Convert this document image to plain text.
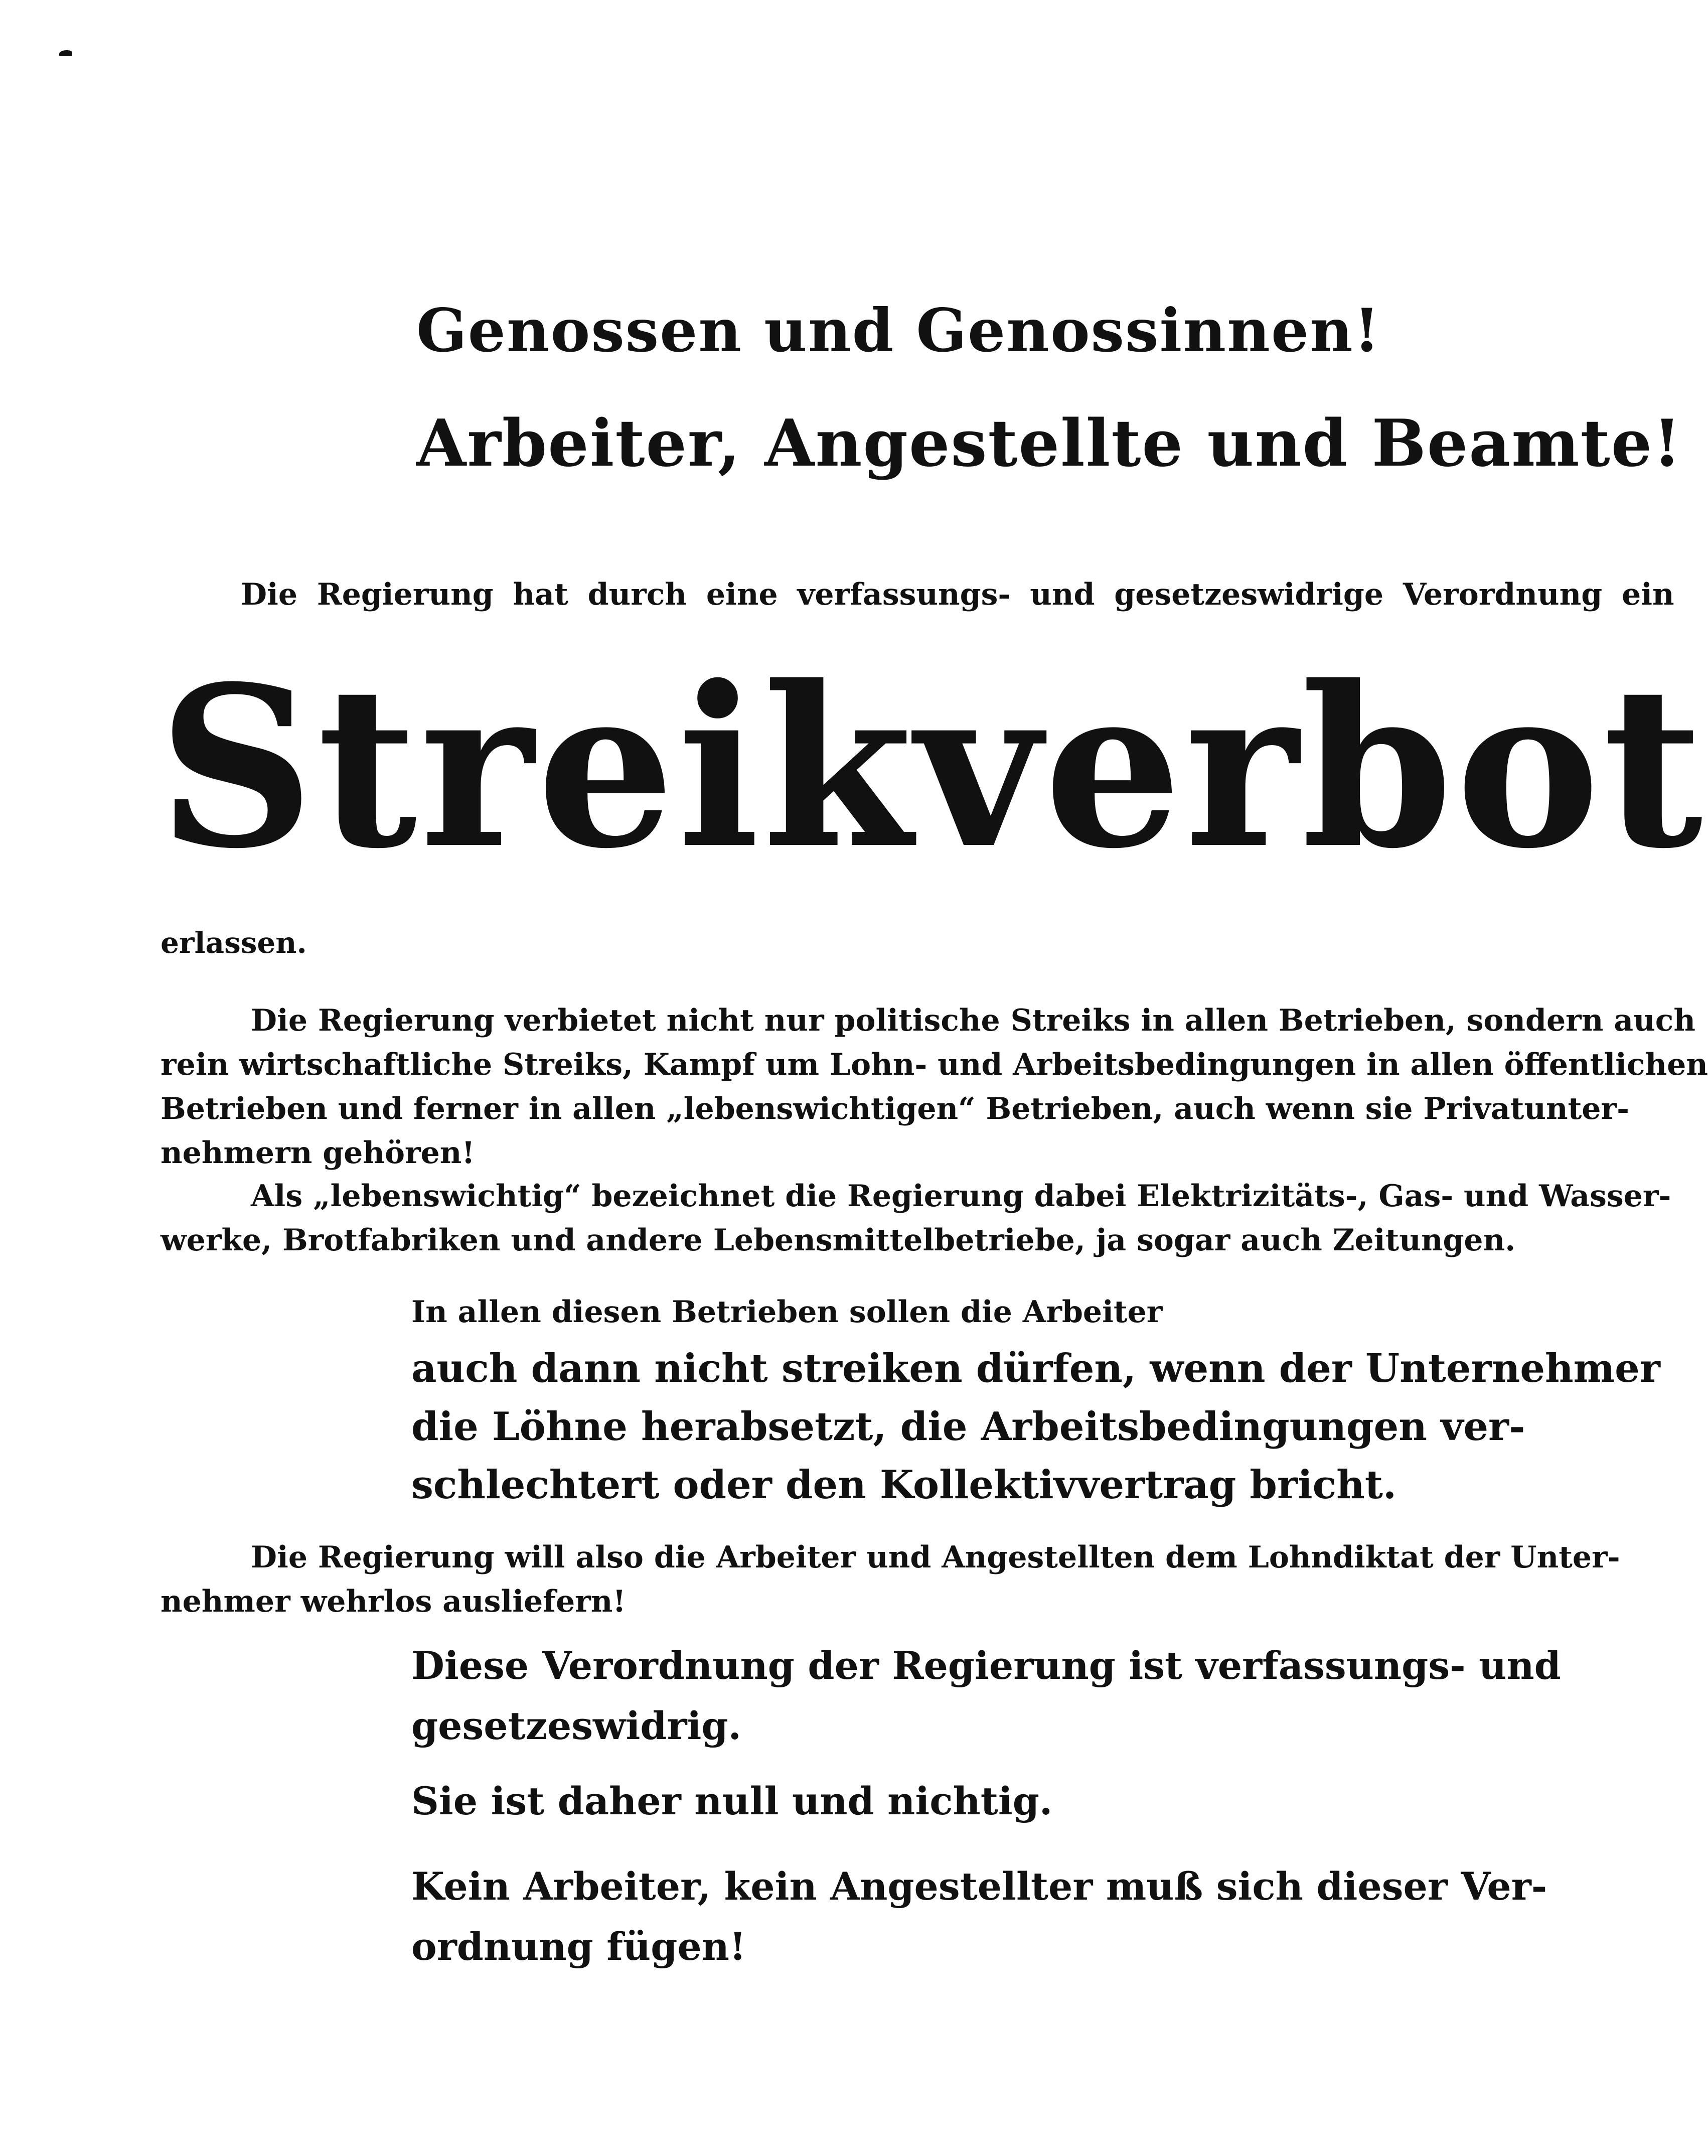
Genossen und Genossinnen!
Arbeiter, Angestellte und Beamte!
Die Regierung hat durch eine verfassungs- und gesetzeswidrige Verordnung ein
Streikverbot
erlassen.
Die Regierung verbietet nicht nur politische Streiks in allen Betrieben, sondern auch
rein wirtschaftliche Streiks, Kampf um Lohn- und Arbeitsbedingungen in allen öffentlichen
Betrieben und ferner in allen „lebenswichtigen“ Betrieben, auch wenn sie Privatunter-
nehmern gehören!
Als „lebenswichtig“ bezeichnet die Regierung dabei Elektrizitäts-, Gas- und Wasser-
werke, Brotfabriken und andere Lebensmittelbetriebe, ja sogar auch Zeitungen.
In allen diesen Betrieben sollen die Arbeiter
auch dann nicht streiken dürfen, wenn der Unternehmer
die Löhne herabsetzt, die Arbeitsbedingungen ver-
schlechtert oder den Kollektivvertrag bricht.
Die Regierung will also die Arbeiter und Angestellten dem Lohndiktat der Unter-
nehmer wehrlos ausliefern!
Diese Verordnung der Regierung ist verfassungs- und
gesetzeswidrig.
Sie ist daher null und nichtig.
Kein Arbeiter, kein Angestellter muß sich dieser Ver-
ordnung fügen!
